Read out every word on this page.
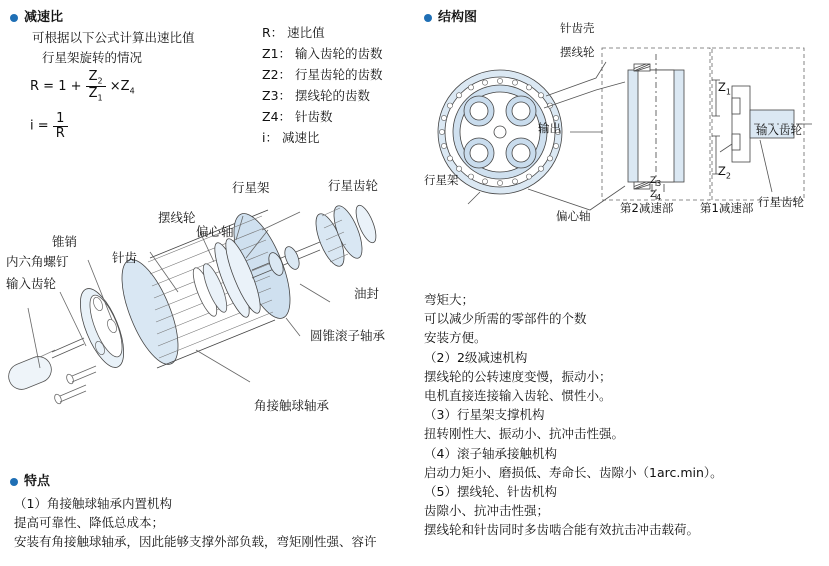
减速比
可根据以下公式计算出速比值
行星架旋转的情况
$R = 1 + \frac{Z_2}{Z_1} \times Z_4$
$i = \frac{1}{R}$
R： 速比值
Z1： 输入齿轮的齿数
Z2： 行星齿轮的齿数
Z3： 摆线轮的齿数
Z4： 针齿数
i： 减速比
结构图
针齿壳
摆线轮
输出
行星架
偏心轴
第2减速部 第1减速部
输入齿轮
行星齿轮
$Z_1$
$Z_2$
Z3
Z4
行星架	行星齿轮
摆线轮
偏心轴
针齿
锥销
内六角螺钉
输入齿轮
油封
圆锥滚子轴承
角接触球轴承
特点
（1）角接触球轴承内置机构
提高可靠性、降低总成本；
安装有角接触球轴承，因此能够支撑外部负载，弯矩刚性强、容许
弯矩大；
可以减少所需的零部件的个数
安装方便。
（2）2级减速机构
摆线轮的公转速度变慢，振动小；
电机直接连接输入齿轮、惯性小。
（3）行星架支撑机构
扭转刚性大、振动小、抗冲击性强。
（4）滚子轴承接触机构
启动力矩小、磨损低、寿命长、齿隙小（1arc.min）。
（5）摆线轮、针齿机构
齿隙小、抗冲击性强；
摆线轮和针齿同时多齿啮合能有效抗击冲击载荷。
